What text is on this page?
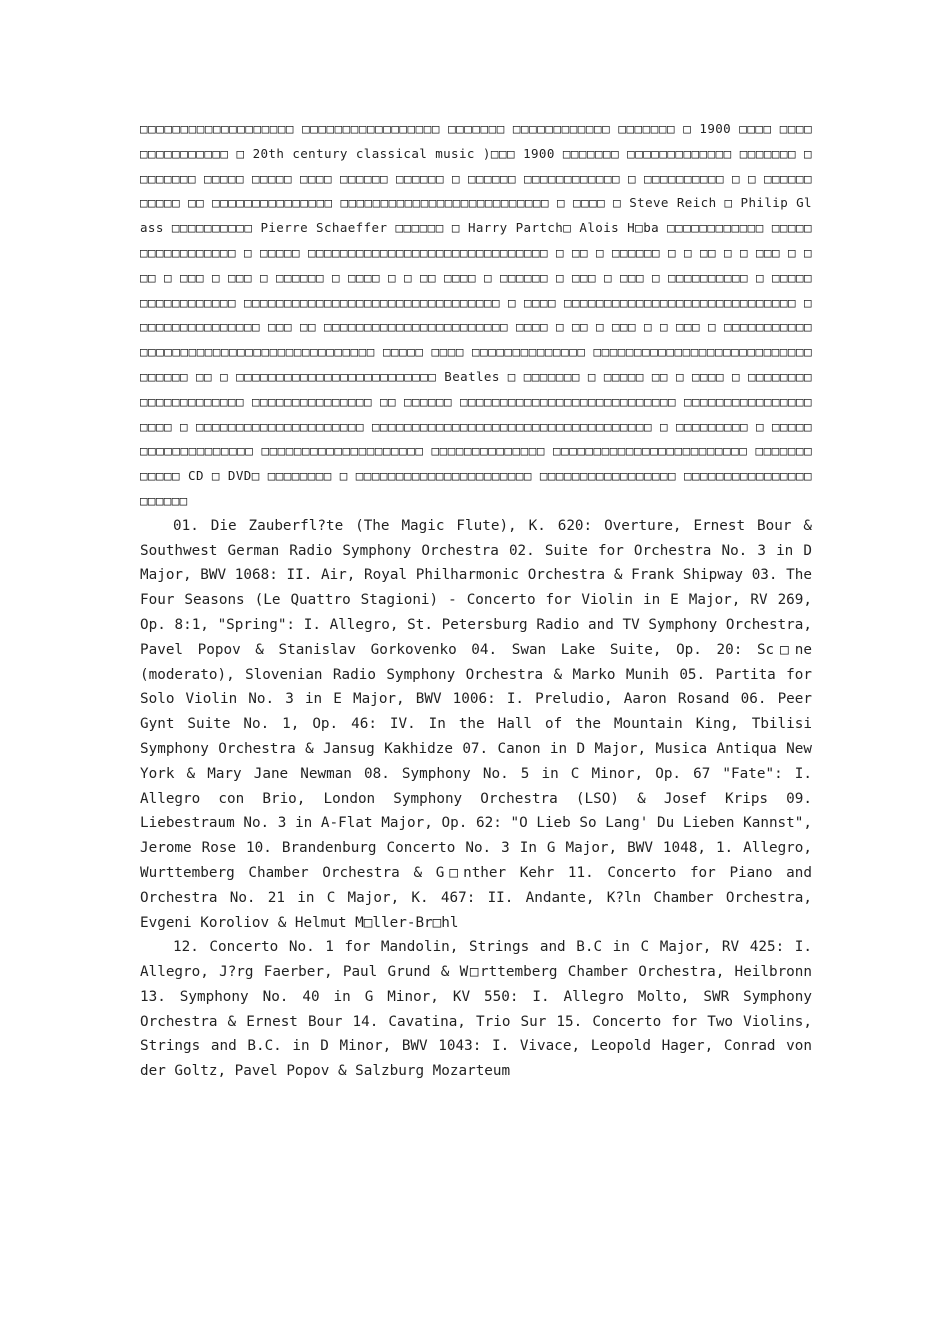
□□□□□□□□□□□□□□□□□□□ □□□□□□□□□□□□□□□□□ □□□□□□□ □□□□□□□□□□□□ □□□□□□□ □ 1900 □□□□ □□□□ □□□□□□□□□□□ □ 20th century classical music )□□□ 1900 □□□□□□□ □□□□□□□□□□□□□ □□□□□□□ □ □□□□□□□ □□□□□ □□□□□ □□□□ □□□□□□ □□□□□□ □ □□□□□□ □□□□□□□□□□□□ □ □□□□□□□□□□ □ □ □□□□□□□□□□□ □□ □□□□□□□□□□□□□□□ □□□□□□□□□□□□□□□□□□□□□□□□□□ □ □□□□ □ Steve Reich □ Philip Glass □□□□□□□□□□ Pierre Schaeffer □□□□□□ □ Harry Partch□ Alois H□ba □□□□□□□□□□□□ □□□□□□□□□□□□□□□□□ □ □□□□□ □□□□□□□□□□□□□□□□□□□□□□□□□□□□□□ □ □□ □ □□□□□□ □ □ □□ □ □ □□□ □ □□□ □ □□□ □ □□□ □ □□□□□□ □ □□□□ □ □ □□ □□□□ □ □□□□□□ □ □□□ □ □□□ □ □□□□□□□□□□ □ □□□□□ □□□□□□□□□□□□ □□□□□□□□□□□□□□□□□□□□□□□□□□□□□□□□ □ □□□□ □□□□□□□□□□□□□□□□□□□□□□□□□□□□□ □□□□□□□□□□□□□□□□ □□□ □□ □□□□□□□□□□□□□□□□□□□□□□□ □□□□ □ □□ □ □□□ □ □ □□□ □ □□□□□□□□□□□□□□□□□□□□□□□□□□□□□□□□□□□□□□□□ □□□□□ □□□□ □□□□□□□□□□□□□□ □□□□□□□□□□□□□□□□□□□□□□□□□□□ □□□□□□ □□ □ □□□□□□□□□□□□□□□□□□□□□□□□□ Beatles □ □□□□□□□ □ □□□□□ □□ □ □□□□ □ □□□□□□□□□□□□□□□□□□□□□ □□□□□□□□□□□□□□□ □□ □□□□□□ □□□□□□□□□□□□□□□□□□□□□□□□□□□ □□□□□□□□□□□□□□□□□□□□ □ □□□□□□□□□□□□□□□□□□□□□ □□□□□□□□□□□□□□□□□□□□□□□□□□□□□□□□□□□ □ □□□□□□□□□ □ □□□□□ □□□□□□□□□□□□□□ □□□□□□□□□□□□□□□□□□□□ □□□□□□□□□□□□□□ □□□□□□□□□□□□□□□□□□□□□□□□ □□□□□□□ □□□□□ CD □ DVD□ □□□□□□□□ □ □□□□□□□□□□□□□□□□□□□□□□ □□□□□□□□□□□□□□□□□ □□□□□□□□□□□□□□□□□□□□□□

01. Die Zauberfl?te (The Magic Flute), K. 620: Overture, Ernest Bour & Southwest German Radio Symphony Orchestra 02. Suite for Orchestra No. 3 in D Major, BWV 1068: II. Air, Royal Philharmonic Orchestra & Frank Shipway 03. The Four Seasons (Le Quattro Stagioni) - Concerto for Violin in E Major, RV 269, Op. 8:1, "Spring": I. Allegro, St. Petersburg Radio and TV Symphony Orchestra, Pavel Popov & Stanislav Gorkovenko 04. Swan Lake Suite, Op. 20: Sc□ne (moderato), Slovenian Radio Symphony Orchestra & Marko Munih 05. Partita for Solo Violin No. 3 in E Major, BWV 1006: I. Preludio, Aaron Rosand 06. Peer Gynt Suite No. 1, Op. 46: IV. In the Hall of the Mountain King, Tbilisi Symphony Orchestra & Jansug Kakhidze 07. Canon in D Major, Musica Antiqua New York & Mary Jane Newman 08. Symphony No. 5 in C Minor, Op. 67 "Fate": I. Allegro con Brio, London Symphony Orchestra (LSO) & Josef Krips 09. Liebestraum No. 3 in A-Flat Major, Op. 62: "O Lieb So Lang' Du Lieben Kannst", Jerome Rose 10. Brandenburg Concerto No. 3 In G Major, BWV 1048, 1. Allegro, Wurttemberg Chamber Orchestra & G□nther Kehr 11. Concerto for Piano and Orchestra No. 21 in C Major, K. 467: II. Andante, K?ln Chamber Orchestra, Evgeni Koroliov & Helmut M□ller-Br□hl

12. Concerto No. 1 for Mandolin, Strings and B.C in C Major, RV 425: I. Allegro, J?rg Faerber, Paul Grund & W□rttemberg Chamber Orchestra, Heilbronn 13. Symphony No. 40 in G Minor, KV 550: I. Allegro Molto, SWR Symphony Orchestra & Ernest Bour 14. Cavatina, Trio Sur 15. Concerto for Two Violins, Strings and B.C. in D Minor, BWV 1043: I. Vivace, Leopold Hager, Conrad von der Goltz, Pavel Popov & Salzburg Mozarteum
